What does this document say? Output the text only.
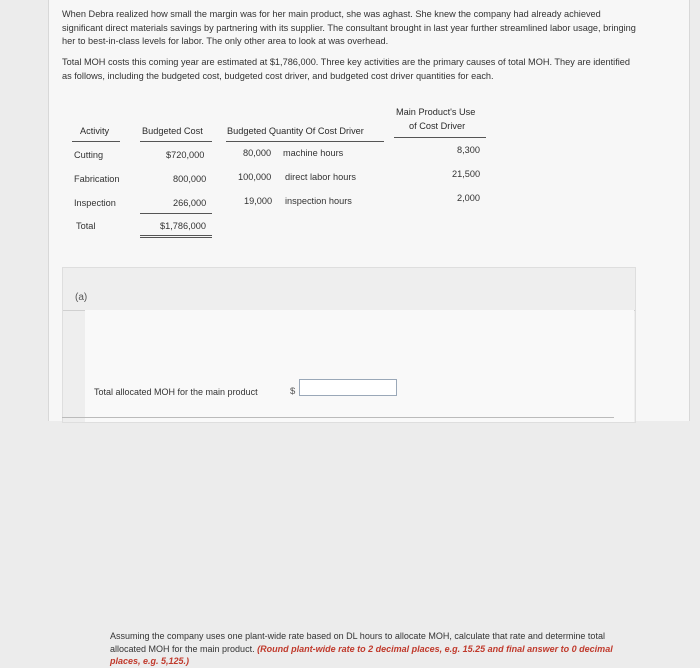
When Debra realized how small the margin was for her main product, she was aghast. She knew the company had already achieved significant direct materials savings by partnering with its supplier. The consultant brought in last year further streamlined labor usage, bringing her to best-in-class levels for labor. The only other area to look at was overhead.

Total MOH costs this coming year are estimated at $1,786,000. Three key activities are the primary causes of total MOH. They are identified as follows, including the budgeted cost, budgeted cost driver, and budgeted cost driver quantities for each.

Activity	Budgeted Cost	Budgeted Quantity Of Cost Driver
Main Product's Use
of Cost Driver
Cutting	$720,000	80,000 machine hours	8,300
Fabrication	800,000	100,000 direct labor hours	21,500
Inspection	266,000	19,000 inspection hours	2,000
Total	$1,786,000
(a)

Assuming the company uses one plant-wide rate based on DL hours to allocate MOH, calculate that rate and determine total allocated MOH for the main product. (Round plant-wide rate to 2 decimal places, e.g. 15.25 and final answer to 0 decimal places, e.g. 5,125.)

Total allocated MOH for the main product	$
